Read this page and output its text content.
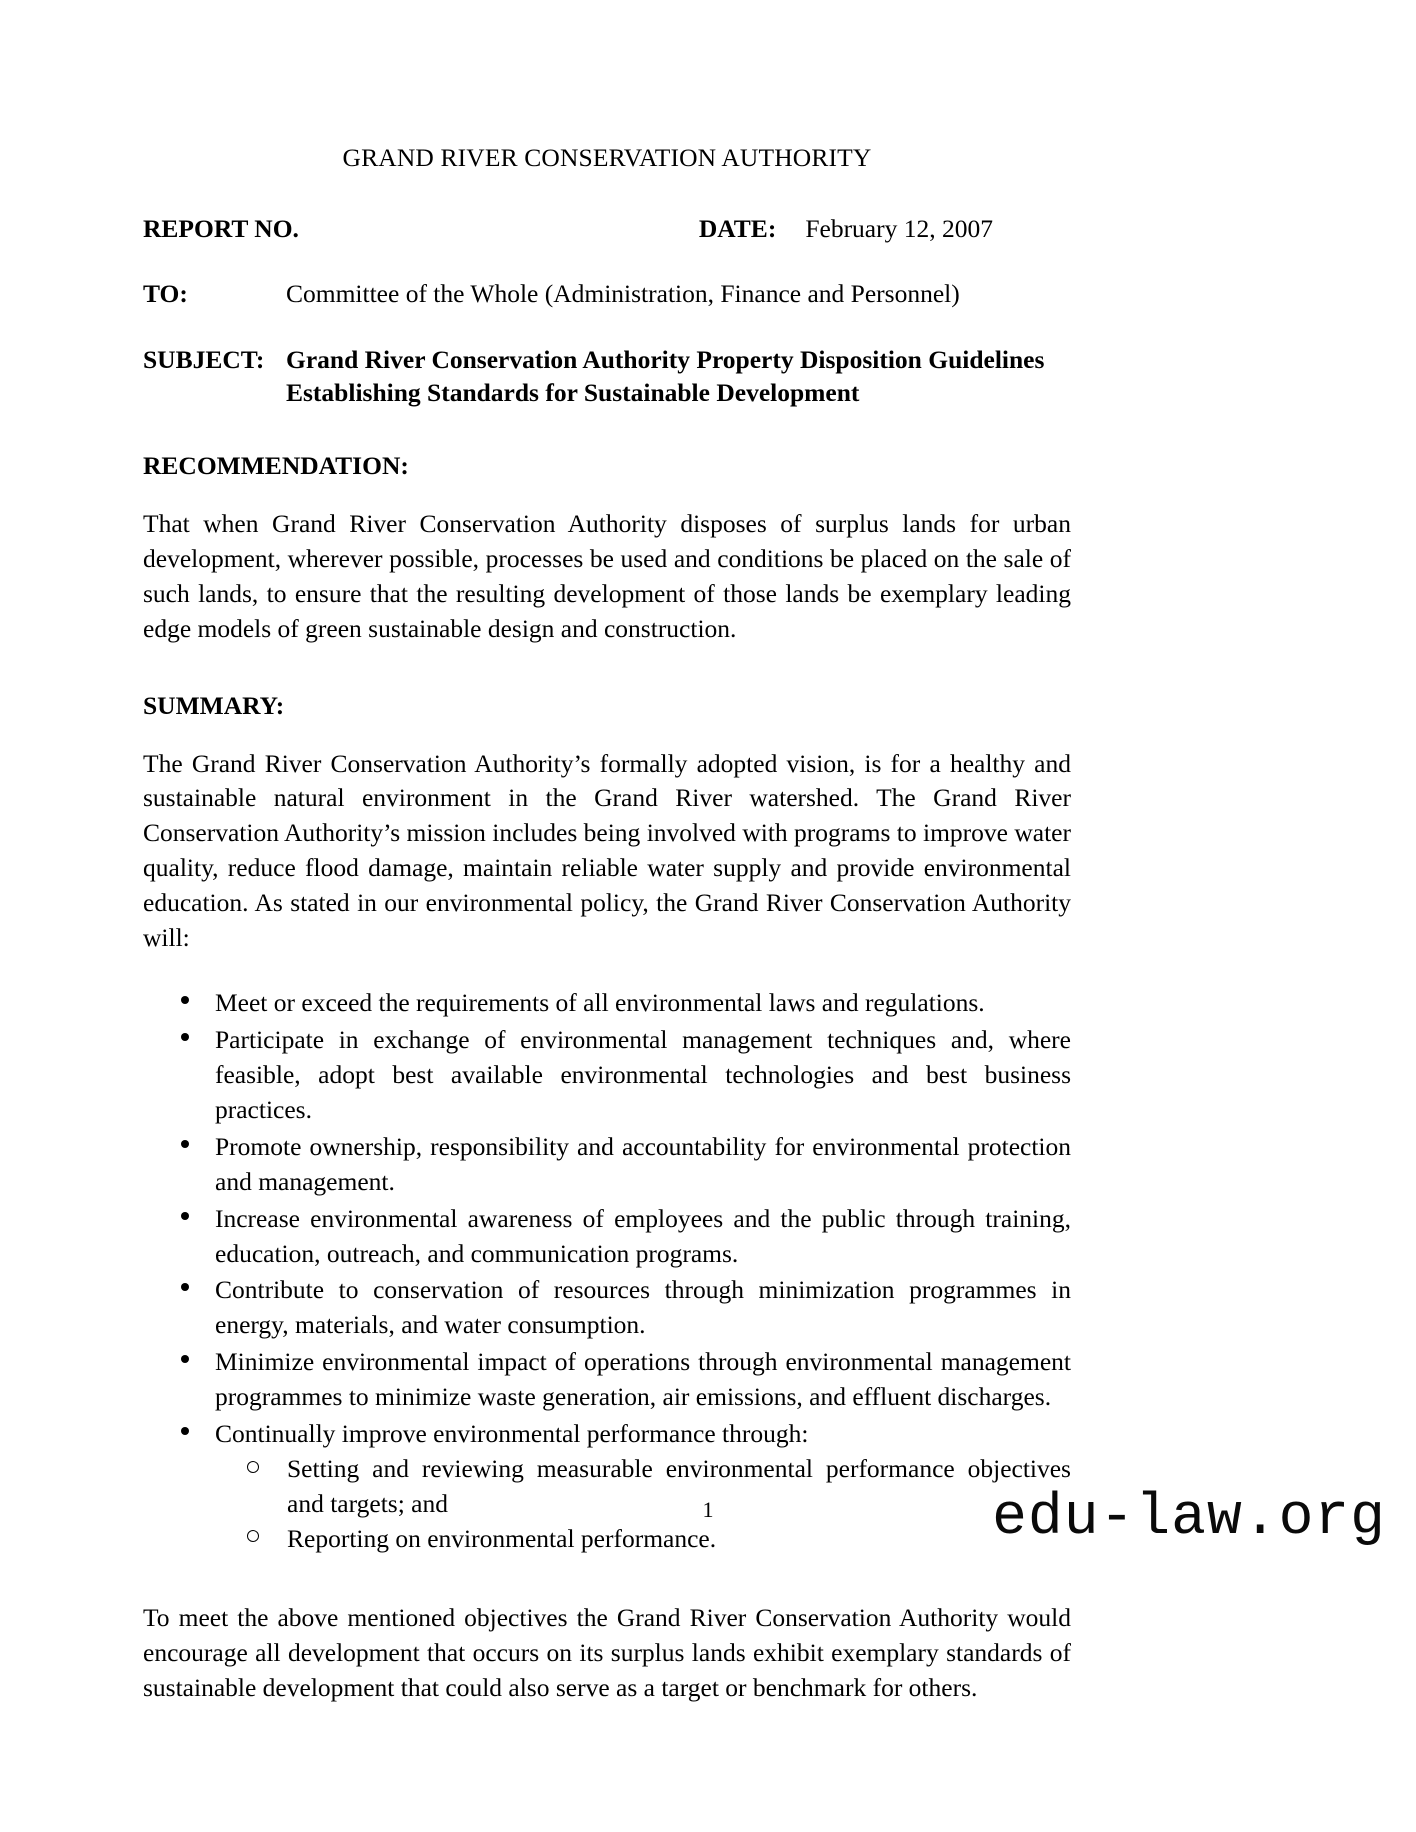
GRAND RIVER CONSERVATION AUTHORITY
REPORT NO.	DATE: February 12, 2007
TO:	Committee of the Whole (Administration, Finance and Personnel)
SUBJECT: Grand River Conservation Authority Property Disposition Guidelines
Establishing Standards for Sustainable Development
RECOMMENDATION:

That when Grand River Conservation Authority disposes of surplus lands for urban development, wherever possible, processes be used and conditions be placed on the sale of such lands, to ensure that the resulting development of those lands be exemplary leading edge models of green sustainable design and construction.

SUMMARY:

The Grand River Conservation Authority’s formally adopted vision, is for a healthy and sustainable natural environment in the Grand River watershed. The Grand River Conservation Authority’s mission includes being involved with programs to improve water quality, reduce flood damage, maintain reliable water supply and provide environmental education. As stated in our environmental policy, the Grand River Conservation Authority will:

Meet or exceed the requirements of all environmental laws and regulations.
Participate in exchange of environmental management techniques and, where feasible, adopt best available environmental technologies and best business practices.
Promote ownership, responsibility and accountability for environmental protection and management.
Increase environmental awareness of employees and the public through training, education, outreach, and communication programs.
Contribute to conservation of resources through minimization programmes in energy, materials, and water consumption.
Minimize environmental impact of operations through environmental management programmes to minimize waste generation, air emissions, and effluent discharges.
Continually improve environmental performance through:
Setting and reviewing measurable environmental performance objectives and targets; and
Reporting on environmental performance.

To meet the above mentioned objectives the Grand River Conservation Authority would encourage all development that occurs on its surplus lands exhibit exemplary standards of sustainable development that could also serve as a target or benchmark for others.

1	edu-law.org
